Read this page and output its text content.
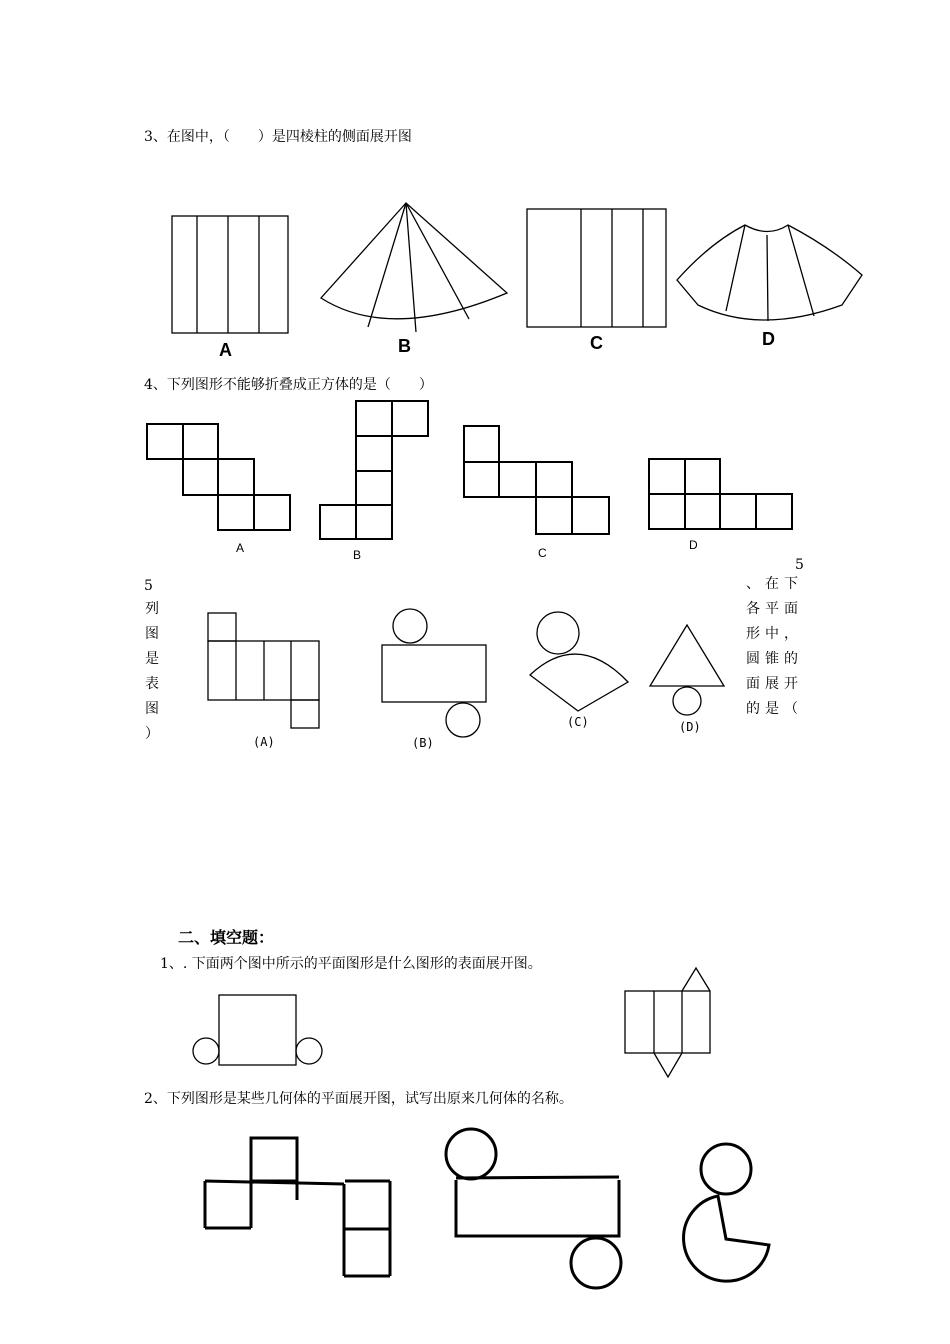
3、在图中，（　　）是四棱柱的侧面展开图
A	B	C	D
4、下列图形不能够折叠成正方体的是（　　）
A	B	C
D
5
5
列
图
是
表
图
）
、在下
各平面
形中，
圆锥的
面展开
的是（
(A)	(B)
(C)	(D)
二、填空题：
1、. 下面两个图中所示的平面图形是什么图形的表面展开图。
2、下列图形是某些几何体的平面展开图，试写出原来几何体的名称。
